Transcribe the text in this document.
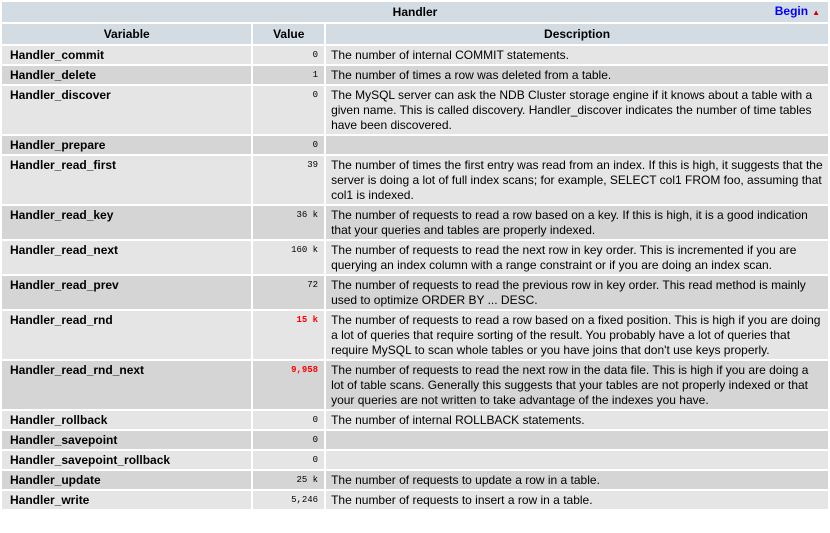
Handler Begin ▲		

Variable	Value	Description
Handler_commit	0	The number of internal COMMIT statements.
Handler_delete	1	The number of times a row was deleted from a table.
Handler_discover	0	The MySQL server can ask the NDB Cluster storage engine if it knows about a table with a given name. This is called discovery. Handler_discover indicates the number of time tables have been discovered.
Handler_prepare	0	
Handler_read_first	39	The number of times the first entry was read from an index. If this is high, it suggests that the server is doing a lot of full index scans; for example, SELECT col1 FROM foo, assuming that col1 is indexed.
Handler_read_key	36 k	The number of requests to read a row based on a key. If this is high, it is a good indication that your queries and tables are properly indexed.
Handler_read_next	160 k	The number of requests to read the next row in key order. This is incremented if you are querying an index column with a range constraint or if you are doing an index scan.
Handler_read_prev	72	The number of requests to read the previous row in key order. This read method is mainly used to optimize ORDER BY ... DESC.
Handler_read_rnd	15 k	The number of requests to read a row based on a fixed position. This is high if you are doing a lot of queries that require sorting of the result. You probably have a lot of queries that require MySQL to scan whole tables or you have joins that don't use keys properly.
Handler_read_rnd_next	9,958	The number of requests to read the next row in the data file. This is high if you are doing a lot of table scans. Generally this suggests that your tables are not properly indexed or that your queries are not written to take advantage of the indexes you have.
Handler_rollback	0	The number of internal ROLLBACK statements.
Handler_savepoint	0	
Handler_savepoint_rollback	0	
Handler_update	25 k	The number of requests to update a row in a table.
Handler_write	5,246	The number of requests to insert a row in a table.
